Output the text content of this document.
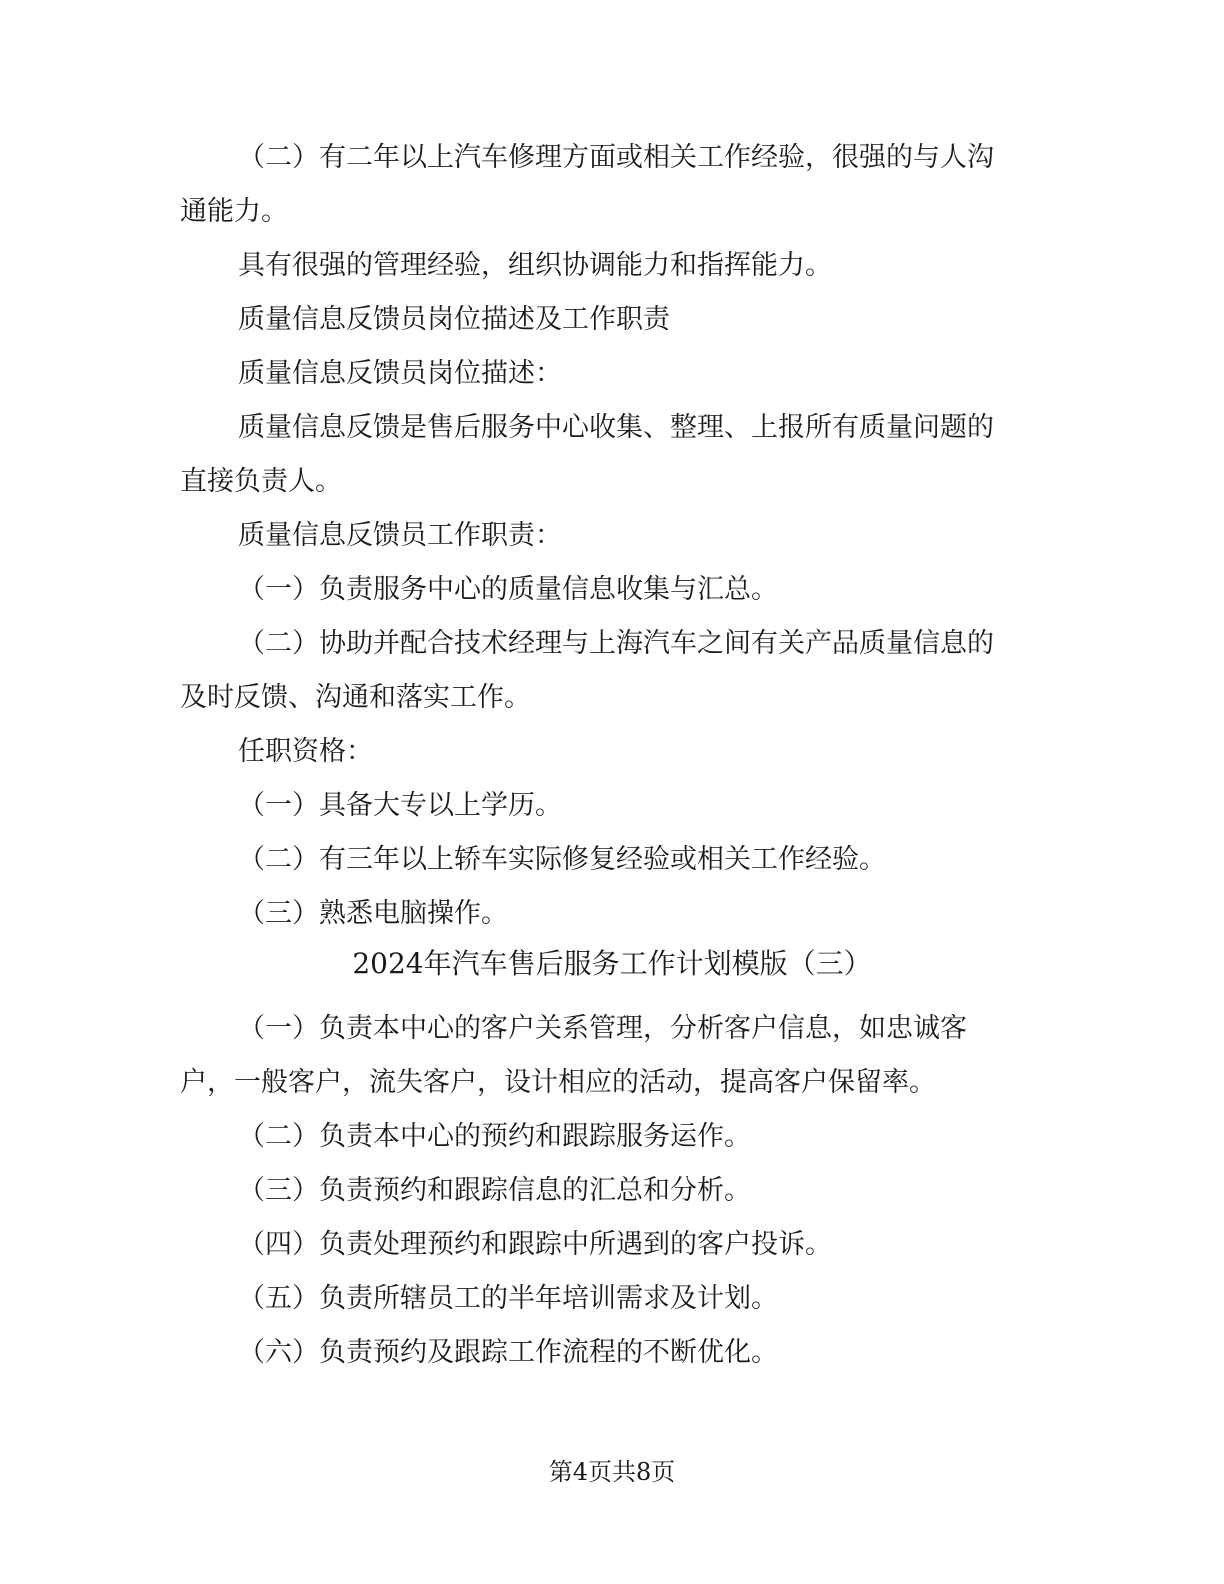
（二）有二年以上汽车修理方面或相关工作经验，很强的与人沟
通能力。
具有很强的管理经验，组织协调能力和指挥能力。
质量信息反馈员岗位描述及工作职责
质量信息反馈员岗位描述：
质量信息反馈是售后服务中心收集、整理、上报所有质量问题的
直接负责人。
质量信息反馈员工作职责：
（一）负责服务中心的质量信息收集与汇总。
（二）协助并配合技术经理与上海汽车之间有关产品质量信息的
及时反馈、沟通和落实工作。
任职资格：
（一）具备大专以上学历。
（二）有三年以上轿车实际修复经验或相关工作经验。
（三）熟悉电脑操作。
2024年汽车售后服务工作计划模版（三）
（一）负责本中心的客户关系管理，分析客户信息，如忠诚客
户，一般客户，流失客户，设计相应的活动，提高客户保留率。
（二）负责本中心的预约和跟踪服务运作。
（三）负责预约和跟踪信息的汇总和分析。
（四）负责处理预约和跟踪中所遇到的客户投诉。
（五）负责所辖员工的半年培训需求及计划。
（六）负责预约及跟踪工作流程的不断优化。
第4页共8页
